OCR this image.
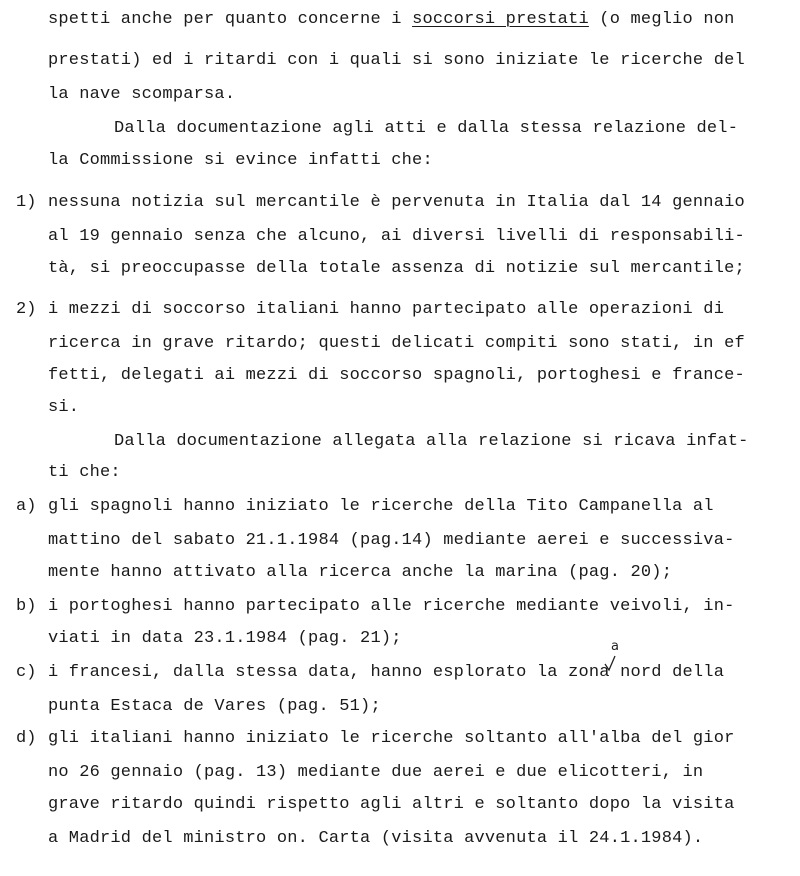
spetti anche per quanto concerne i soccorsi prestati (o meglio non
prestati) ed i ritardi con i quali si sono iniziate le ricerche del
la nave scomparsa.
Dalla documentazione agli atti e dalla stessa relazione del-
la Commissione si evince infatti che:
1) nessuna notizia sul mercantile è pervenuta in Italia dal 14 gennaio
al 19 gennaio senza che alcuno, ai diversi livelli di responsabili-
tà, si preoccupasse della totale assenza di notizie sul mercantile;
2) i mezzi di soccorso italiani hanno partecipato alle operazioni di
ricerca in grave ritardo; questi delicati compiti sono stati, in ef
fetti, delegati ai mezzi di soccorso spagnoli, portoghesi e france-
si.
Dalla documentazione allegata alla relazione si ricava infat-
ti che:
a) gli spagnoli hanno iniziato le ricerche della Tito Campanella al
mattino del sabato 21.1.1984 (pag.14) mediante aerei e successiva-
mente hanno attivato alla ricerca anche la marina (pag. 20);
b) i portoghesi hanno partecipato alle ricerche mediante veivoli, in-
viati in data 23.1.1984 (pag. 21);
c) i francesi, dalla stessa data, hanno esplorato la zona nord della
punta Estaca de Vares (pag. 51);
a
d) gli italiani hanno iniziato le ricerche soltanto all'alba del gior
no 26 gennaio (pag. 13) mediante due aerei e due elicotteri, in
grave ritardo quindi rispetto agli altri e soltanto dopo la visita
a Madrid del ministro on. Carta (visita avvenuta il 24.1.1984).
